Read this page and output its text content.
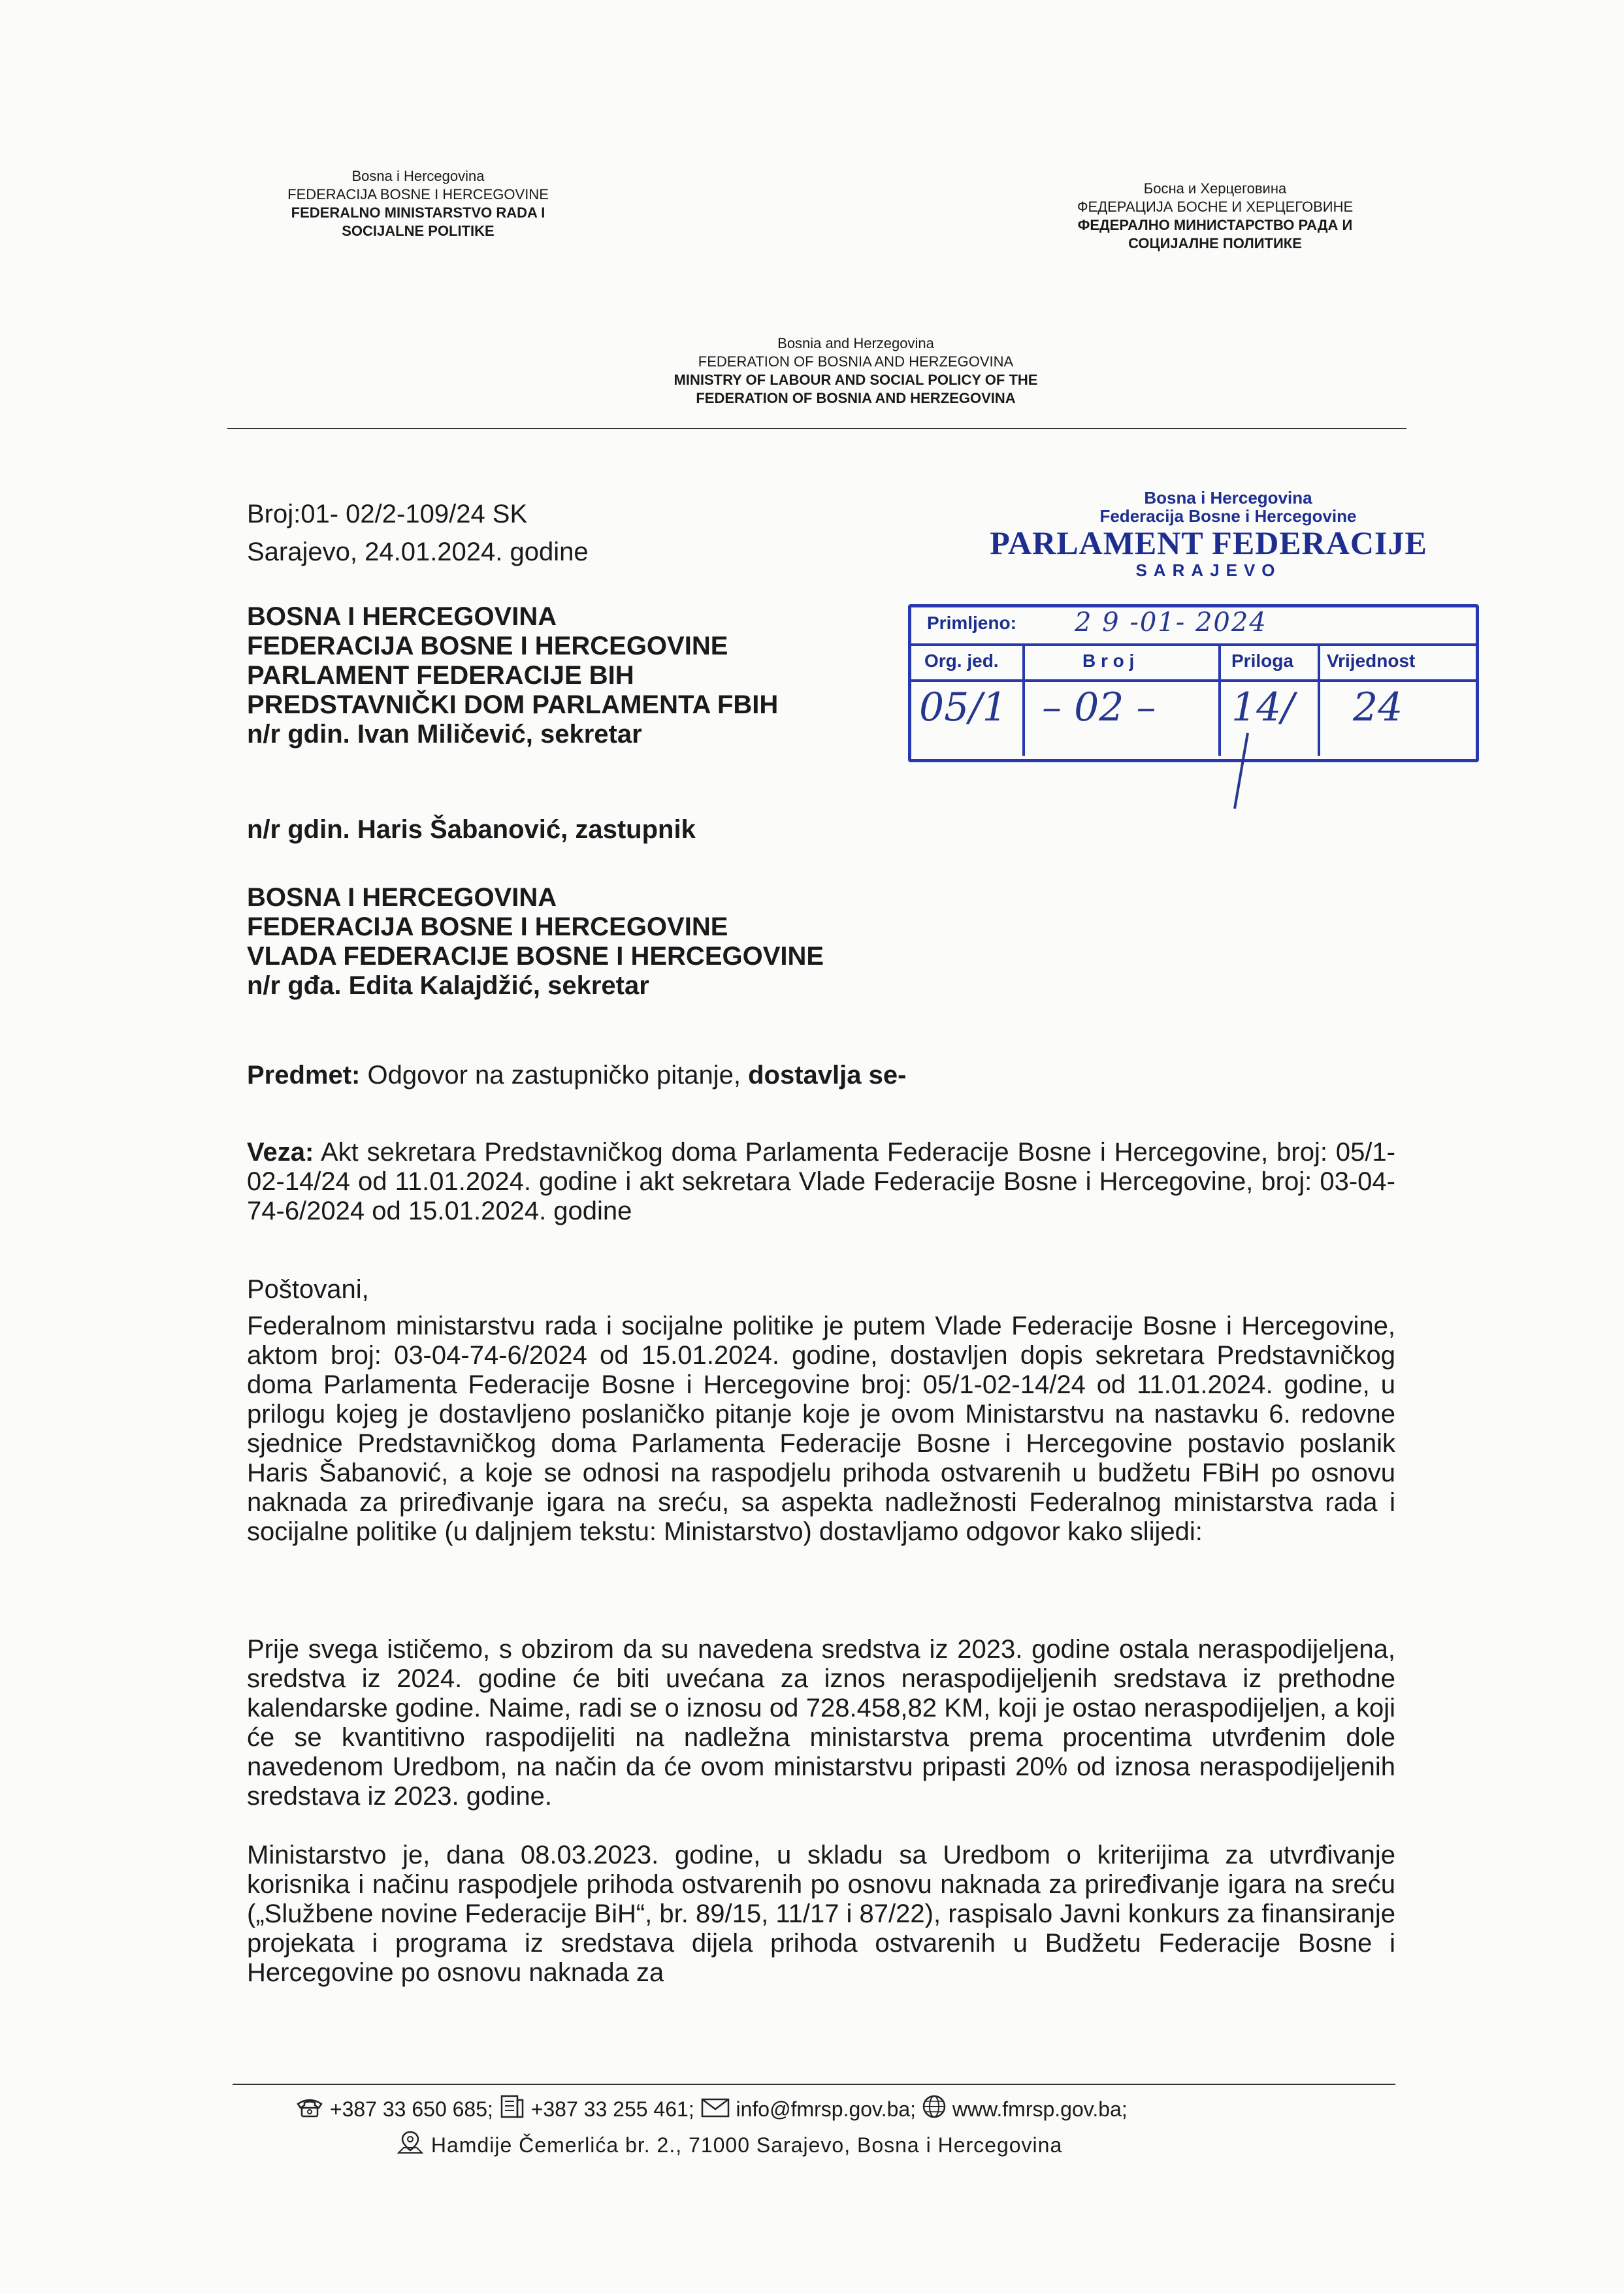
Bosna i Hercegovina
FEDERACIJA BOSNE I HERCEGOVINE
FEDERALNO MINISTARSTVO RADA I
SOCIJALNE POLITIKE
Босна и Херцеговина
ФЕДЕРАЦИЈА БОСНЕ И ХЕРЦЕГОВИНЕ
ФЕДЕРАЛНО МИНИСТАРСТВО РАДА И
СОЦИЈАЛНЕ ПОЛИТИКЕ
Bosnia and Herzegovina
FEDERATION OF BOSNIA AND HERZEGOVINA
MINISTRY OF LABOUR AND SOCIAL POLICY OF THE
FEDERATION OF BOSNIA AND HERZEGOVINA
Broj:01- 02/2-109/24 SK
Sarajevo, 24.01.2024. godine
Bosna i Hercegovina
Federacija Bosne i Hercegovine
PARLAMENT FEDERACIJE
SARAJEVO
Primljeno: 2 9 -01- 2024
Org. jed.	B r o j	Priloga Vrijednost
05/1 – 02 – 14/ 24
BOSNA I HERCEGOVINA
FEDERACIJA BOSNE I HERCEGOVINE
PARLAMENT FEDERACIJE BIH
PREDSTAVNIČKI DOM PARLAMENTA FBIH
n/r gdin. Ivan Miličević, sekretar
n/r gdin. Haris Šabanović, zastupnik
BOSNA I HERCEGOVINA
FEDERACIJA BOSNE I HERCEGOVINE
VLADA FEDERACIJE BOSNE I HERCEGOVINE
n/r gđa. Edita Kalajdžić, sekretar
Predmet: Odgovor na zastupničko pitanje, dostavlja se-
Veza: Akt sekretara Predstavničkog doma Parlamenta Federacije Bosne i Hercegovine, broj: 05/1-02-14/24 od 11.01.2024. godine i akt sekretara Vlade Federacije Bosne i Hercegovine, broj: 03-04-74-6/2024 od 15.01.2024. godine
Poštovani,
Federalnom ministarstvu rada i socijalne politike je putem Vlade Federacije Bosne i Hercegovine, aktom broj: 03-04-74-6/2024 od 15.01.2024. godine, dostavljen dopis sekretara Predstavničkog doma Parlamenta Federacije Bosne i Hercegovine broj: 05/1-02-14/24 od 11.01.2024. godine, u prilogu kojeg je dostavljeno poslaničko pitanje koje je ovom Ministarstvu na nastavku 6. redovne sjednice Predstavničkog doma Parlamenta Federacije Bosne i Hercegovine postavio poslanik Haris Šabanović, a koje se odnosi na raspodjelu prihoda ostvarenih u budžetu FBiH po osnovu naknada za priređivanje igara na sreću, sa aspekta nadležnosti Federalnog ministarstva rada i socijalne politike (u daljnjem tekstu: Ministarstvo) dostavljamo odgovor kako slijedi:
Prije svega ističemo, s obzirom da su navedena sredstva iz 2023. godine ostala neraspodijeljena, sredstva iz 2024. godine će biti uvećana za iznos neraspodijeljenih sredstava iz prethodne kalendarske godine. Naime, radi se o iznosu od 728.458,82 KM, koji je ostao neraspodijeljen, a koji će se kvantitivno raspodijeliti na nadležna ministarstva prema procentima utvrđenim dole navedenom Uredbom, na način da će ovom ministarstvu pripasti 20% od iznosa neraspodijeljenih sredstava iz 2023. godine.
Ministarstvo je, dana 08.03.2023. godine, u skladu sa Uredbom o kriterijima za utvrđivanje korisnika i načinu raspodjele prihoda ostvarenih po osnovu naknada za priređivanje igara na sreću („Službene novine Federacije BiH“, br. 89/15, 11/17 i 87/22), raspisalo Javni konkurs za finansiranje projekata i programa iz sredstava dijela prihoda ostvarenih u Budžetu Federacije Bosne i Hercegovine po osnovu naknada za
+387 33 650 685; +387 33 255 461; info@fmrsp.gov.ba; www.fmrsp.gov.ba;
Hamdije Čemerlića br. 2., 71000 Sarajevo, Bosna i Hercegovina
